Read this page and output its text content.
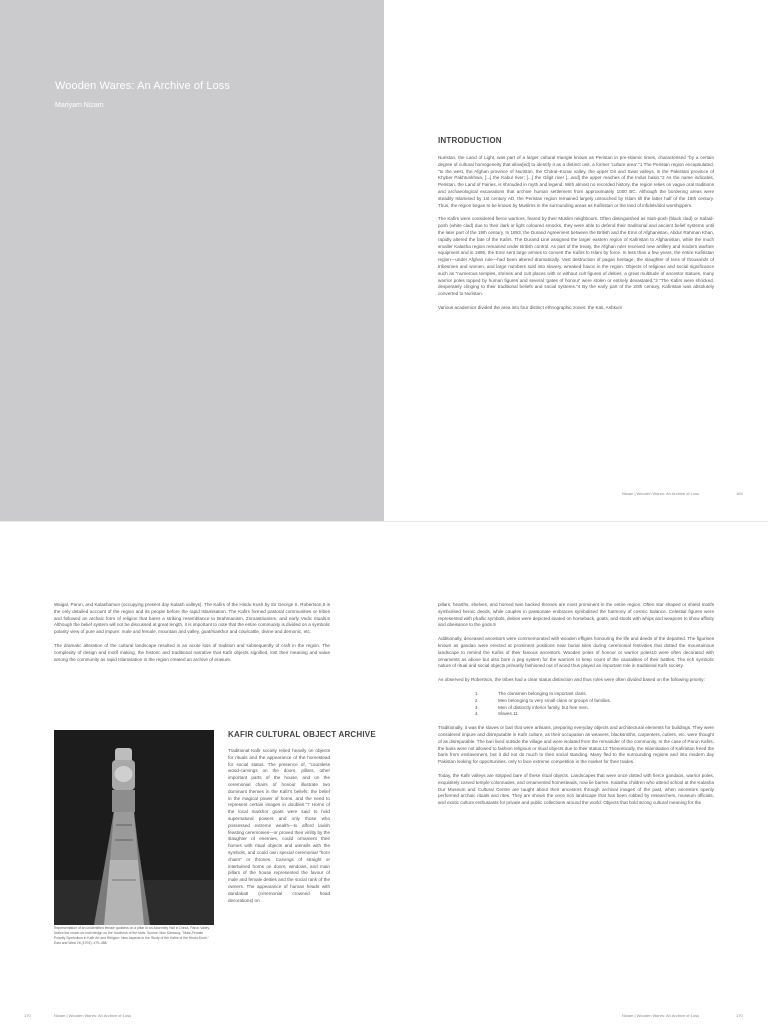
Wooden Wares: An Archive of Loss
Mariyam Nizam
INTRODUCTION

Nuristan, the Land of Light, was part of a larger cultural triangle known as Peristan in pre-Islamic times, characterised "by a certain degree of cultural homogeneity that allow[ed] to identify it as a distinct unit, a former 'culture area'."1 The Peristan region encapsulated, "to the west, the Afghan province of Nuristan, the Chitral–Kunar valley, the upper Dir and Swat valleys, in the Pakistani province of Khyber Pakhtunkhwa, [...] the Kabul river; [...] the Gilgit river [...and] the upper reaches of the Indus basin."2 As the name indicates, Peristan, the Land of Fairies, is shrouded in myth and legend. With almost no recorded history, the region relies on vague oral traditions and archaeological excavations that archive human settlement from approximately 1000 BC. Although the bordering areas were steadily Islamised by 1st century AD, the Peristan region remained largely untouched by Islam till the latter half of the 16th century. Thus, the region began to be known by Muslims in the surrounding areas as Kafiristan or the land of infidels/idol worshippers.

The Kafirs were considered fierce warriors, feared by their Muslim neighbours. Often distinguished as Siah-posh (black clad) or Safaid-posh (white clad) due to their dark or light coloured smocks, they were able to defend their traditional and ancient belief systems until the later part of the 19th century. In 1893, the Durand Agreement between the British and the Emir of Afghanistan, Abdur Rahman Khan, rapidly altered the fate of the Kafirs. The Durand Line assigned the larger eastern region of Kafiristan to Afghanistan, while the much smaller Kalasha region remained under British control. As part of the treaty, the Afghan ruler received new artillery and modern warfare equipment and in 1895, the Emir sent large armies to convert the Kafirs to Islam by force. In less than a few years, the entire Kafiristan region—under Afghan rule—had been altered dramatically. Vast destruction of pagan heritage, the slaughter of tens of thousands of tribesmen and women, and large numbers sold into slavery, wreaked havoc in the region. Objects of religious and social significance such as "numerous temples, shrines and cult places with or without cult figures of deities, a great multitude of ancestor statues, many warrior poles topped by human figures and several 'gates of honour' were stolen or entirely devastated."3 "The Kafirs were shocked, desperately clinging to their traditional beliefs and social systems."4 By the early part of the 20th century, Kafiristan was absolutely converted to Nuristan.

Various academics divided the area into four distinct ethnographic zones: the Kati, Ashkun/

Nizam | Wooden Wares: An Archive of Loss	169

Waigal, Parun, and Kalashamun (occupying present day Kalash valleys). The Kafirs of the Hindu Kush by Sir George S. Robertson,5 is the only detailed account of the region and its people before the rapid Islamisation. The Kafirs formed pastoral communities or tribes and followed an archaic form of religion that bares a striking resemblance to Brahmanism, Zoroastrianism, and early Vedic rituals.6 Although the belief system will not be discussed at great length, it is important to note that the entire community is divided on a symbolic polarity view of pure and impure: male and female, mountain and valley, goat/markhor and cow/cattle, divine and demonic, etc.

The dramatic alteration of the cultural landscape resulted in an acute loss of tradition and subsequently of craft in the region. The complexity of design and motif making, the historic and traditional narrative that Kafir objects signified, lost their meaning and value among the community as rapid Islamisation in the region created an archive of erasure.

Representation of an unidentified female goddess on a pillar in an Assembly Hall in Dreza, Parun Valley. Notice the crown-on-mail design on the hoodress of the idols. Source: Max Klimburg, "Male-Female Polarity Symbolism in Kafir Art and Religion: New Aspects in the Study of the Kafirs of the Hindu-Kush," East and West 26 (1976): 479–488.
KAFIR CULTURAL OBJECT ARCHIVE

Traditional Kafir society relied heavily on objects for rituals and the appearance of the homestead for social status. The presence of, "countless wood-carvings on the doors, pillars, other important parts of the house, and on the ceremonial chairs of honour illustrate two dominant themes in the Kafir's beliefs: the belief in the magical power of horns, and the need to represent certain images in doubles."7 Horns of the local markhor goats were said to hold supernatural powers and only those who possessed extreme wealth—to afford lavish feasting ceremonies—or proved their virility by the slaughter of enemies, could ornament their homes with ritual objects and utensils with the symbols, and could own special ceremonial "horn chairs" or thrones. Carvings of straight or intertwined horns on doors, windows, and main pillars of the house represented the favour of male and female deities and the social rank of the owners. The appearance of human heads with dandaka8 (ceremonial crowned head decorations) on

pillars, hearths, shelves, and horned twin backed thrones are most prominent in the entire region. Often star shaped or shield motifs symbolised heroic deeds, while couples in passionate embraces symbolised the harmony of cosmic balance. Celestial figures were represented with phallic symbols, deities were depicted seated on horseback, goats, and stools with whips and weapons to show affinity and obeisance to the gods.9

Additionally, deceased ancestors were commemorated with wooden effigies honouring the life and deeds of the departed. The figurines known as gandao were erected at prominent positions near burial sites during ceremonial festivities that dotted the mountainous landscape to remind the Kafirs of their famous ancestors. Wooden poles of honour or warrior poles10 were often decorated with ornaments as above but also bore a peg system for the warriors to keep count of the causalities of their battles. The rich symbolic nature of ritual and social objects primarily fashioned out of wood thus played an important role in traditional Kafir society.

As observed by Robertson, the tribes had a clear status distinction and thus roles were often divided based on the following priority:

1. The clansmen belonging to important clans.
2. Men belonging to very small clans or groups of families.
3. Men of distinctly inferior family, but free men.
4. Slaves.11

Traditionally, it was the slaves or bari that were artisans, preparing everyday objects and architectural elements for buildings. They were considered impure and disreputable in Kafir culture, as their occupation as weavers, blacksmiths, carpenters, cutlers, etc. were thought of as disreputable. The bari lived outside the village and were isolated from the remainder of the community. In the case of Parun Kafirs, the baris were not allowed to fashion religious or ritual objects due to their status.12 Theoretically, the Islamisation of Kafiristan freed the baris from enslavement, but it did not do much to their social standing. Many fled to the surrounding regions and into modern day Pakistan looking for opportunities, only to face extreme competition in the market for their trades.

Today, the Kafir valleys are stripped bare of these ritual objects. Landscapes that were once dotted with fierce gandaos, warrior poles, exquisitely carved temple colonnades, and ornamented homesteads, now lie barren. Kalasha children who attend school at the Kalasha Dur Museum and Cultural Centre are taught about their ancestors through archival images of the past, when ancestors openly performed archaic rituals and rites. They are shown the once rich landscape that has been robbed by researchers, museum officials, and exotic culture enthusiasts for private and public collections around the world. Objects that hold strong cultural meaning for the

170	Nizam | Wooden Wares: An Archive of Loss	Nizam | Wooden Wares: An Archive of Loss	170
